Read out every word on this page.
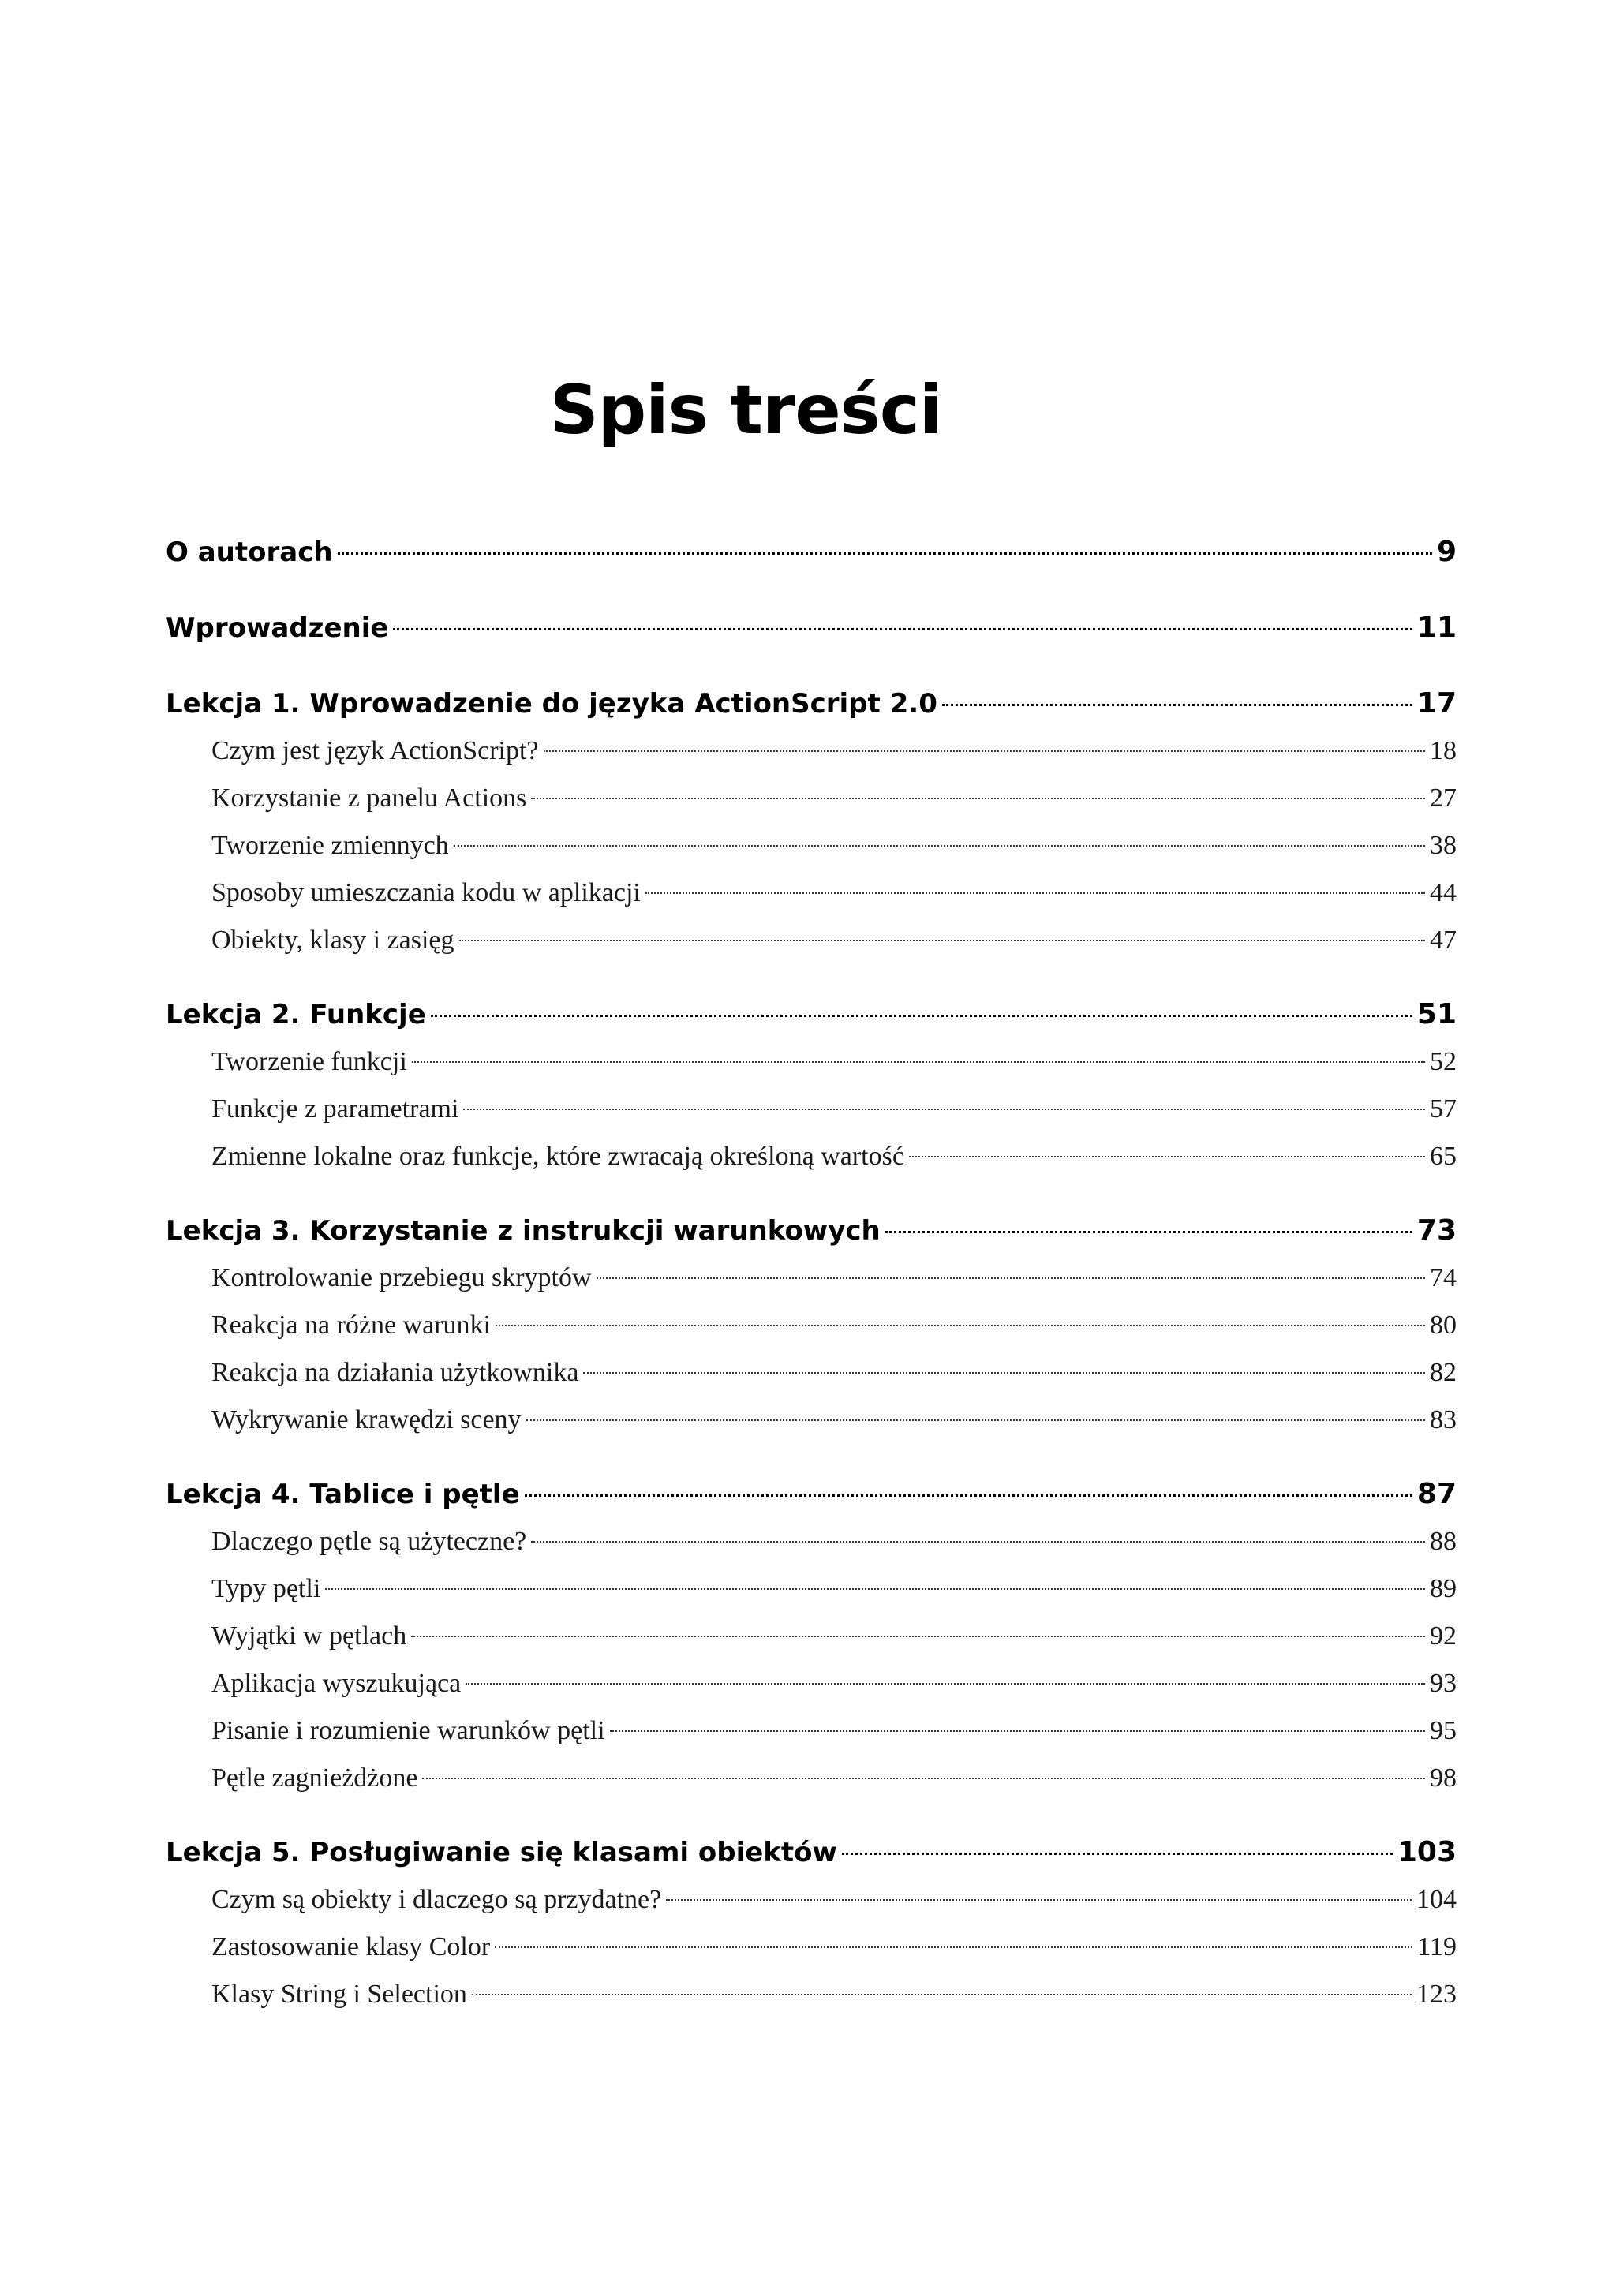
Spis treści
O autorach	9
Wprowadzenie	11
Lekcja 1. Wprowadzenie do języka ActionScript 2.0	17
Czym jest język ActionScript?	18
Korzystanie z panelu Actions	27
Tworzenie zmiennych	38
Sposoby umieszczania kodu w aplikacji	44
Obiekty, klasy i zasięg	47
Lekcja 2. Funkcje	51
Tworzenie funkcji	52
Funkcje z parametrami	57
Zmienne lokalne oraz funkcje, które zwracają określoną wartość	65
Lekcja 3. Korzystanie z instrukcji warunkowych	73
Kontrolowanie przebiegu skryptów	74
Reakcja na różne warunki	80
Reakcja na działania użytkownika	82
Wykrywanie krawędzi sceny	83
Lekcja 4. Tablice i pętle	87
Dlaczego pętle są użyteczne?	88
Typy pętli	89
Wyjątki w pętlach	92
Aplikacja wyszukująca	93
Pisanie i rozumienie warunków pętli	95
Pętle zagnieżdżone	98
Lekcja 5. Posługiwanie się klasami obiektów	103
Czym są obiekty i dlaczego są przydatne?	104
Zastosowanie klasy Color	119
Klasy String i Selection	123
